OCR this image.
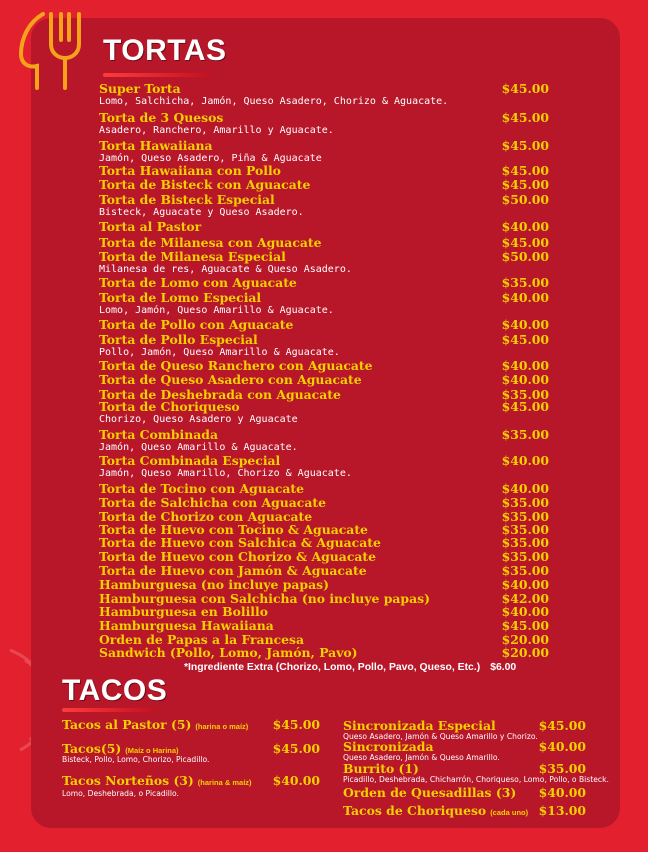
TORTAS
Super Torta	$45.00
Lomo, Salchicha, Jamón, Queso Asadero, Chorizo & Aguacate.
Torta de 3 Quesos	$45.00
Asadero, Ranchero, Amarillo y Aguacate.
Torta Hawaiiana	$45.00
Jamón, Queso Asadero, Piña & Aguacate
Torta Hawaiiana con Pollo	$45.00
Torta de Bisteck con Aguacate	$45.00
Torta de Bisteck Especial	$50.00
Bisteck, Aguacate y Queso Asadero.
Torta al Pastor	$40.00
Torta de Milanesa con Aguacate	$45.00
Torta de Milanesa Especial	$50.00
Milanesa de res, Aguacate & Queso Asadero.
Torta de Lomo con Aguacate	$35.00
Torta de Lomo Especial	$40.00
Lomo, Jamón, Queso Amarillo & Aguacate.
Torta de Pollo con Aguacate	$40.00
Torta de Pollo Especial	$45.00
Pollo, Jamón, Queso Amarillo & Aguacate.
Torta de Queso Ranchero con Aguacate	$40.00
Torta de Queso Asadero con Aguacate	$40.00
Torta de Deshebrada con Aguacate	$35.00
Torta de Choriqueso	$45.00
Chorizo, Queso Asadero y Aguacate
Torta Combinada	$35.00
Jamón, Queso Amarillo & Aguacate.
Torta Combinada Especial	$40.00
Jamón, Queso Amarillo, Chorizo & Aguacate.
Torta de Tocino con Aguacate	$40.00
Torta de Salchicha con Aguacate	$35.00
Torta de Chorizo con Aguacate	$35.00
Torta de Huevo con Tocino & Aguacate	$35.00
Torta de Huevo con Salchica & Aguacate	$35.00
Torta de Huevo con Chorizo & Aguacate	$35.00
Torta de Huevo con Jamón & Aguacate	$35.00
Hamburguesa (no incluye papas)	$40.00
Hamburguesa con Salchicha (no incluye papas)	$42.00
Hamburguesa en Bolillo	$40.00
Hamburguesa Hawaiiana	$45.00
Orden de Papas a la Francesa	$20.00
Sandwich (Pollo, Lomo, Jamón, Pavo)	$20.00
*Ingrediente Extra (Chorizo, Lomo, Pollo, Pavo, Queso, Etc.) $6.00
TACOS
Tacos al Pastor (5) (harina o maíz) $45.00
Tacos(5) (Maíz o Harina)	$45.00
Bisteck, Pollo, Lomo, Chorizo, Picadillo.
Tacos Norteños (3) (harina & maíz) $40.00
Lomo, Deshebrada, o Picadillo.
Sincronizada Especial	$45.00
Queso Asadero, Jamón & Queso Amarillo y Chorizo.
Sincronizada	$40.00
Queso Asadero, Jamón & Queso Amarillo.
Burrito (1)	$35.00
Picadillo, Deshebrada, Chicharrón, Choriqueso, Lomo, Pollo, o Bisteck.
Orden de Quesadillas (3) $40.00
Tacos de Choriqueso (cada uno) $13.00
